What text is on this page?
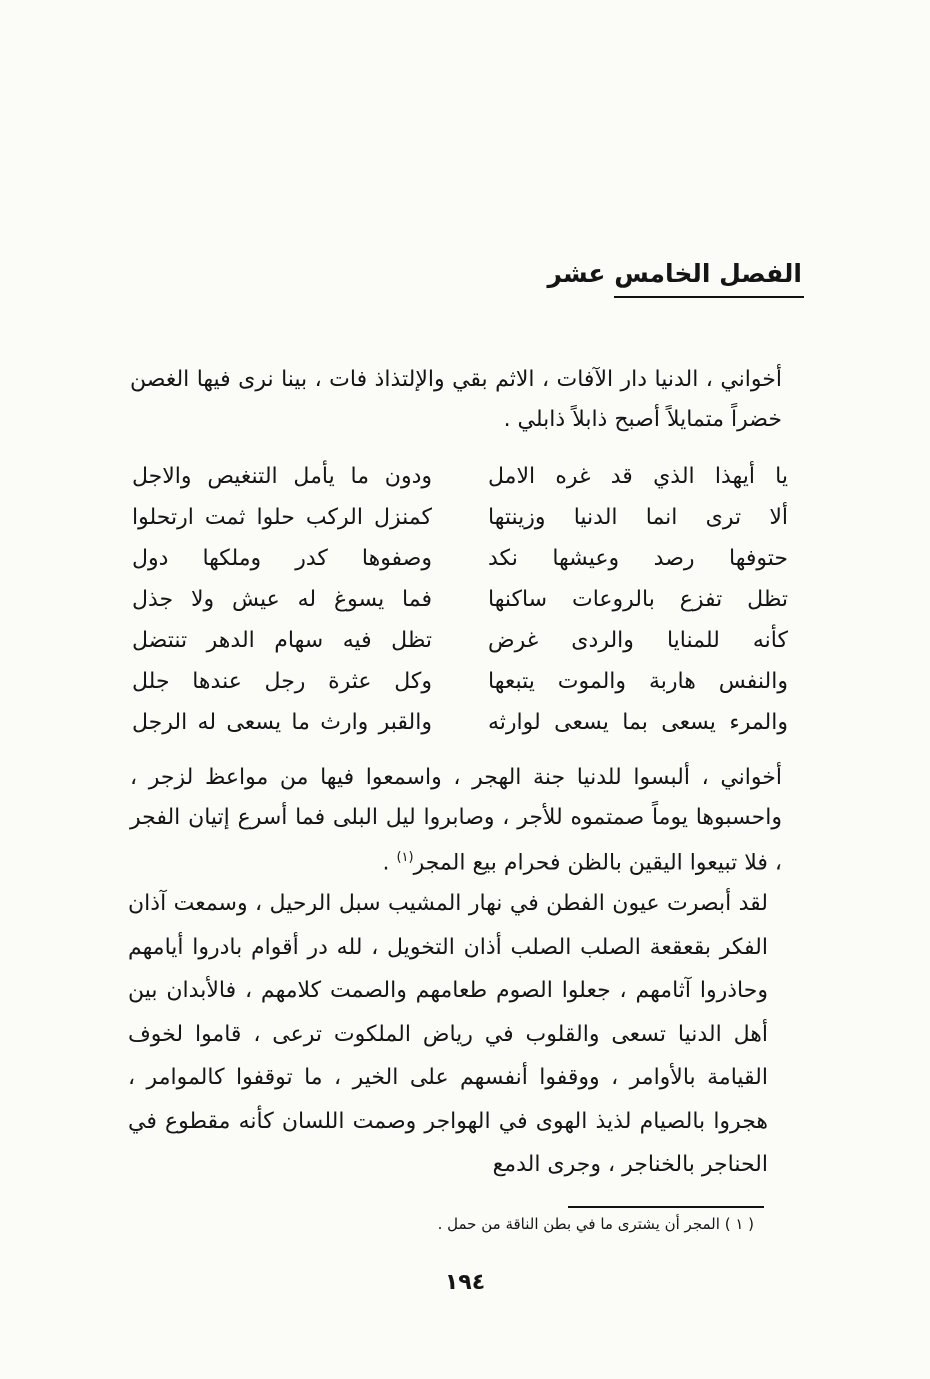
الفصل الخامس عشر

أخواني ، الدنيا دار الآفات ، الاثم بقي والإلتذاذ فات ، بينا نرى فيها الغصن خضراً متمايلاً أصبح ذابلاً ذابلي .

يا أيهذا الذي قد غره الامل
ودون ما يأمل التنغيص والاجل
ألا ترى انما الدنيا وزينتها
كمنزل الركب حلوا ثمت ارتحلوا
حتوفها رصد وعيشها نكد
وصفوها كدر وملكها دول
تظل تفزع بالروعات ساكنها
فما يسوغ له عيش ولا جذل
كأنه للمنايا والردى غرض
تظل فيه سهام الدهر تنتضل
والنفس هاربة والموت يتبعها
وكل عثرة رجل عندها جلل
والمرء يسعى بما يسعى لوارثه
والقبر وارث ما يسعى له الرجل

أخواني ، ألبسوا للدنيا جنة الهجر ، واسمعوا فيها من مواعظ لزجر ، واحسبوها يوماً صمتموه للأجر ، وصابروا ليل البلى فما أسرع إتيان الفجر ، فلا تبيعوا اليقين بالظن فحرام بيع المجر$^{(١)}$ .

لقد أبصرت عيون الفطن في نهار المشيب سبل الرحيل ، وسمعت آذان الفكر بقعقعة الصلب الصلب أذان التخويل ، لله در أقوام بادروا أيامهم وحاذروا آثامهم ، جعلوا الصوم طعامهم والصمت كلامهم ، فالأبدان بين أهل الدنيا تسعى والقلوب في رياض الملكوت ترعى ، قاموا لخوف القيامة بالأوامر ، ووقفوا أنفسهم على الخير ، ما توقفوا كالموامر ، هجروا بالصيام لذيذ الهوى في الهواجر وصمت اللسان كأنه مقطوع في الحناجر بالخناجر ، وجرى الدمع

( ١ ) المجر أن يشترى ما في بطن الناقة من حمل .
١٩٤
